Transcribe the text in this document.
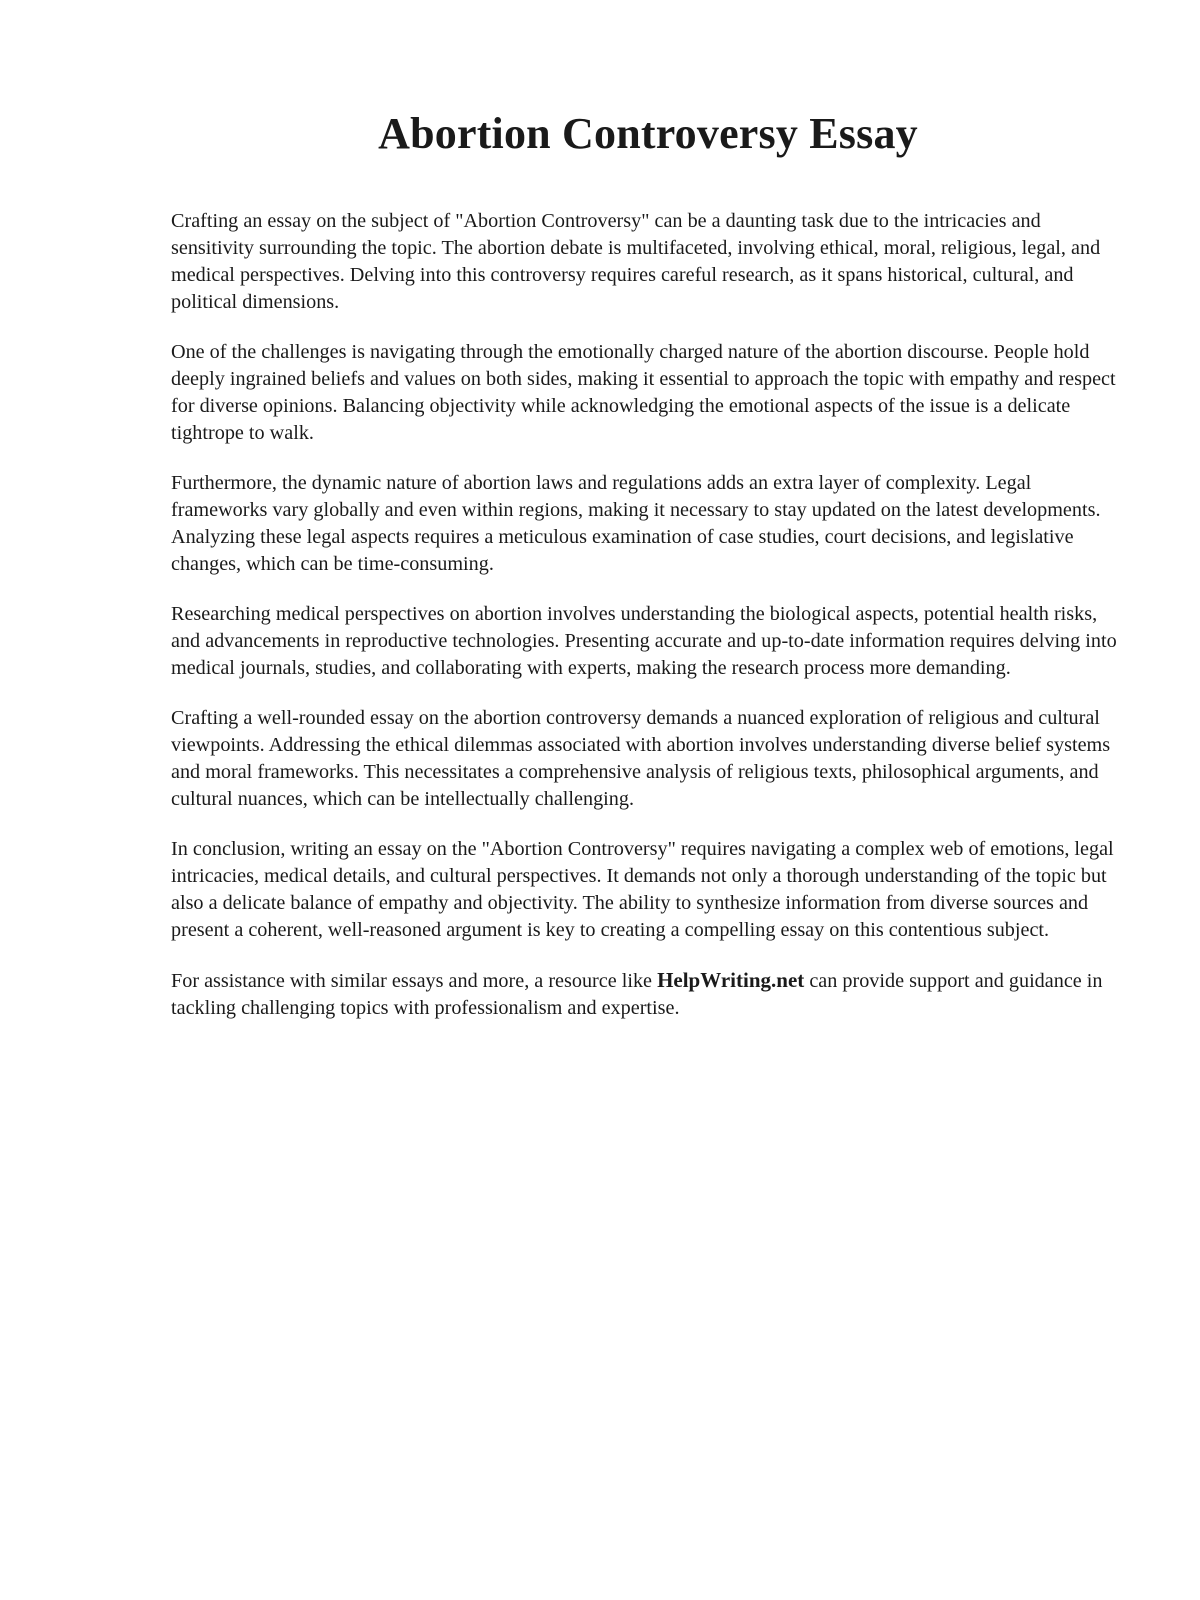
Abortion Controversy Essay

Crafting an essay on the subject of "Abortion Controversy" can be a daunting task due to the intricacies and sensitivity surrounding the topic. The abortion debate is multifaceted, involving ethical, moral, religious, legal, and medical perspectives. Delving into this controversy requires careful research, as it spans historical, cultural, and political dimensions.

One of the challenges is navigating through the emotionally charged nature of the abortion discourse. People hold deeply ingrained beliefs and values on both sides, making it essential to approach the topic with empathy and respect for diverse opinions. Balancing objectivity while acknowledging the emotional aspects of the issue is a delicate tightrope to walk.

Furthermore, the dynamic nature of abortion laws and regulations adds an extra layer of complexity. Legal frameworks vary globally and even within regions, making it necessary to stay updated on the latest developments. Analyzing these legal aspects requires a meticulous examination of case studies, court decisions, and legislative changes, which can be time-consuming.

Researching medical perspectives on abortion involves understanding the biological aspects, potential health risks, and advancements in reproductive technologies. Presenting accurate and up-to-date information requires delving into medical journals, studies, and collaborating with experts, making the research process more demanding.

Crafting a well-rounded essay on the abortion controversy demands a nuanced exploration of religious and cultural viewpoints. Addressing the ethical dilemmas associated with abortion involves understanding diverse belief systems and moral frameworks. This necessitates a comprehensive analysis of religious texts, philosophical arguments, and cultural nuances, which can be intellectually challenging.

In conclusion, writing an essay on the "Abortion Controversy" requires navigating a complex web of emotions, legal intricacies, medical details, and cultural perspectives. It demands not only a thorough understanding of the topic but also a delicate balance of empathy and objectivity. The ability to synthesize information from diverse sources and present a coherent, well-reasoned argument is key to creating a compelling essay on this contentious subject.

For assistance with similar essays and more, a resource like HelpWriting.net can provide support and guidance in tackling challenging topics with professionalism and expertise.
